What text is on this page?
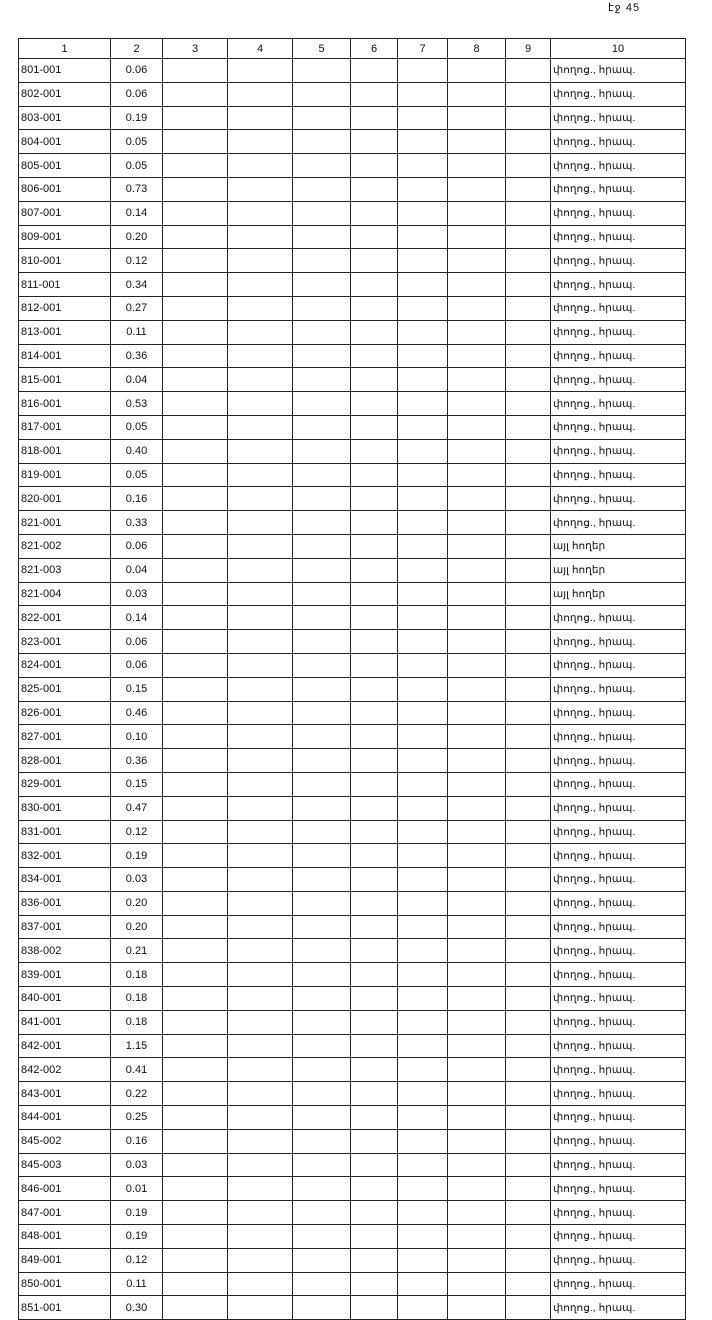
էջ 45
1	2	3	4	5	6	7	8	9	10
801-001	0.06								փողոց., հրապ.
802-001	0.06								փողոց., հրապ.
803-001	0.19								փողոց., հրապ.
804-001	0.05								փողոց., հրապ.
805-001	0.05								փողոց., հրապ.
806-001	0.73								փողոց., հրապ.
807-001	0.14								փողոց., հրապ.
809-001	0.20								փողոց., հրապ.
810-001	0.12								փողոց., հրապ.
811-001	0.34								փողոց., հրապ.
812-001	0.27								փողոց., հրապ.
813-001	0.11								փողոց., հրապ.
814-001	0.36								փողոց., հրապ.
815-001	0.04								փողոց., հրապ.
816-001	0.53								փողոց., հրապ.
817-001	0.05								փողոց., հրապ.
818-001	0.40								փողոց., հրապ.
819-001	0.05								փողոց., հրապ.
820-001	0.16								փողոց., հրապ.
821-001	0.33								փողոց., հրապ.
821-002	0.06								այլ հողեր
821-003	0.04								այլ հողեր
821-004	0.03								այլ հողեր
822-001	0.14								փողոց., հրապ.
823-001	0.06								փողոց., հրապ.
824-001	0.06								փողոց., հրապ.
825-001	0.15								փողոց., հրապ.
826-001	0.46								փողոց., հրապ.
827-001	0.10								փողոց., հրապ.
828-001	0.36								փողոց., հրապ.
829-001	0.15								փողոց., հրապ.
830-001	0.47								փողոց., հրապ.
831-001	0.12								փողոց., հրապ.
832-001	0.19								փողոց., հրապ.
834-001	0.03								փողոց., հրապ.
836-001	0.20								փողոց., հրապ.
837-001	0.20								փողոց., հրապ.
838-002	0.21								փողոց., հրապ.
839-001	0.18								փողոց., հրապ.
840-001	0.18								փողոց., հրապ.
841-001	0.18								փողոց., հրապ.
842-001	1.15								փողոց., հրապ.
842-002	0.41								փողոց., հրապ.
843-001	0.22								փողոց., հրապ.
844-001	0.25								փողոց., հրապ.
845-002	0.16								փողոց., հրապ.
845-003	0.03								փողոց., հրապ.
846-001	0.01								փողոց., հրապ.
847-001	0.19								փողոց., հրապ.
848-001	0.19								փողոց., հրապ.
849-001	0.12								փողոց., հրապ.
850-001	0.11								փողոց., հրապ.
851-001	0.30								փողոց., հրապ.
